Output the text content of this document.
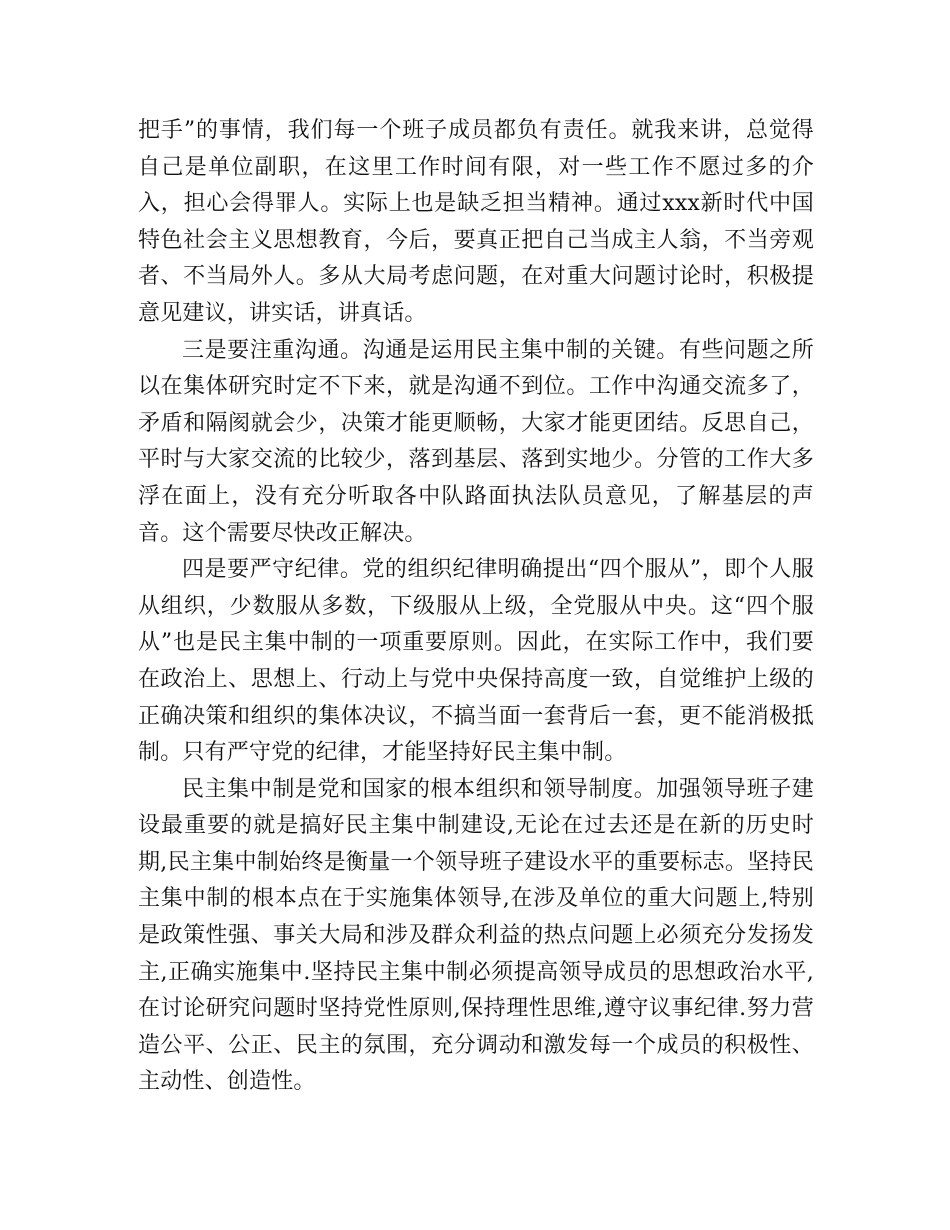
把手”的事情，我们每一个班子成员都负有责任。就我来讲，总觉得自己是单位副职，在这里工作时间有限，对一些工作不愿过多的介入，担心会得罪人。实际上也是缺乏担当精神。通过xxx新时代中国特色社会主义思想教育，今后，要真正把自己当成主人翁，不当旁观者、不当局外人。多从大局考虑问题，在对重大问题讨论时，积极提意见建议，讲实话，讲真话。

三是要注重沟通。沟通是运用民主集中制的关键。有些问题之所以在集体研究时定不下来，就是沟通不到位。工作中沟通交流多了，矛盾和隔阂就会少，决策才能更顺畅，大家才能更团结。反思自己，平时与大家交流的比较少，落到基层、落到实地少。分管的工作大多浮在面上，没有充分听取各中队路面执法队员意见，了解基层的声音。这个需要尽快改正解决。

四是要严守纪律。党的组织纪律明确提出“四个服从”，即个人服从组织，少数服从多数，下级服从上级，全党服从中央。这“四个服从”也是民主集中制的一项重要原则。因此，在实际工作中，我们要在政治上、思想上、行动上与党中央保持高度一致，自觉维护上级的正确决策和组织的集体决议，不搞当面一套背后一套，更不能消极抵制。只有严守党的纪律，才能坚持好民主集中制。

民主集中制是党和国家的根本组织和领导制度。加强领导班子建设最重要的就是搞好民主集中制建设,无论在过去还是在新的历史时期,民主集中制始终是衡量一个领导班子建设水平的重要标志。坚持民主集中制的根本点在于实施集体领导,在涉及单位的重大问题上,特别是政策性强、事关大局和涉及群众利益的热点问题上必须充分发扬发主,正确实施集中.坚持民主集中制必须提高领导成员的思想政治水平,在讨论研究问题时坚持党性原则,保持理性思维,遵守议事纪律.努力营造公平、公正、民主的氛围，充分调动和激发每一个成员的积极性、主动性、创造性。
